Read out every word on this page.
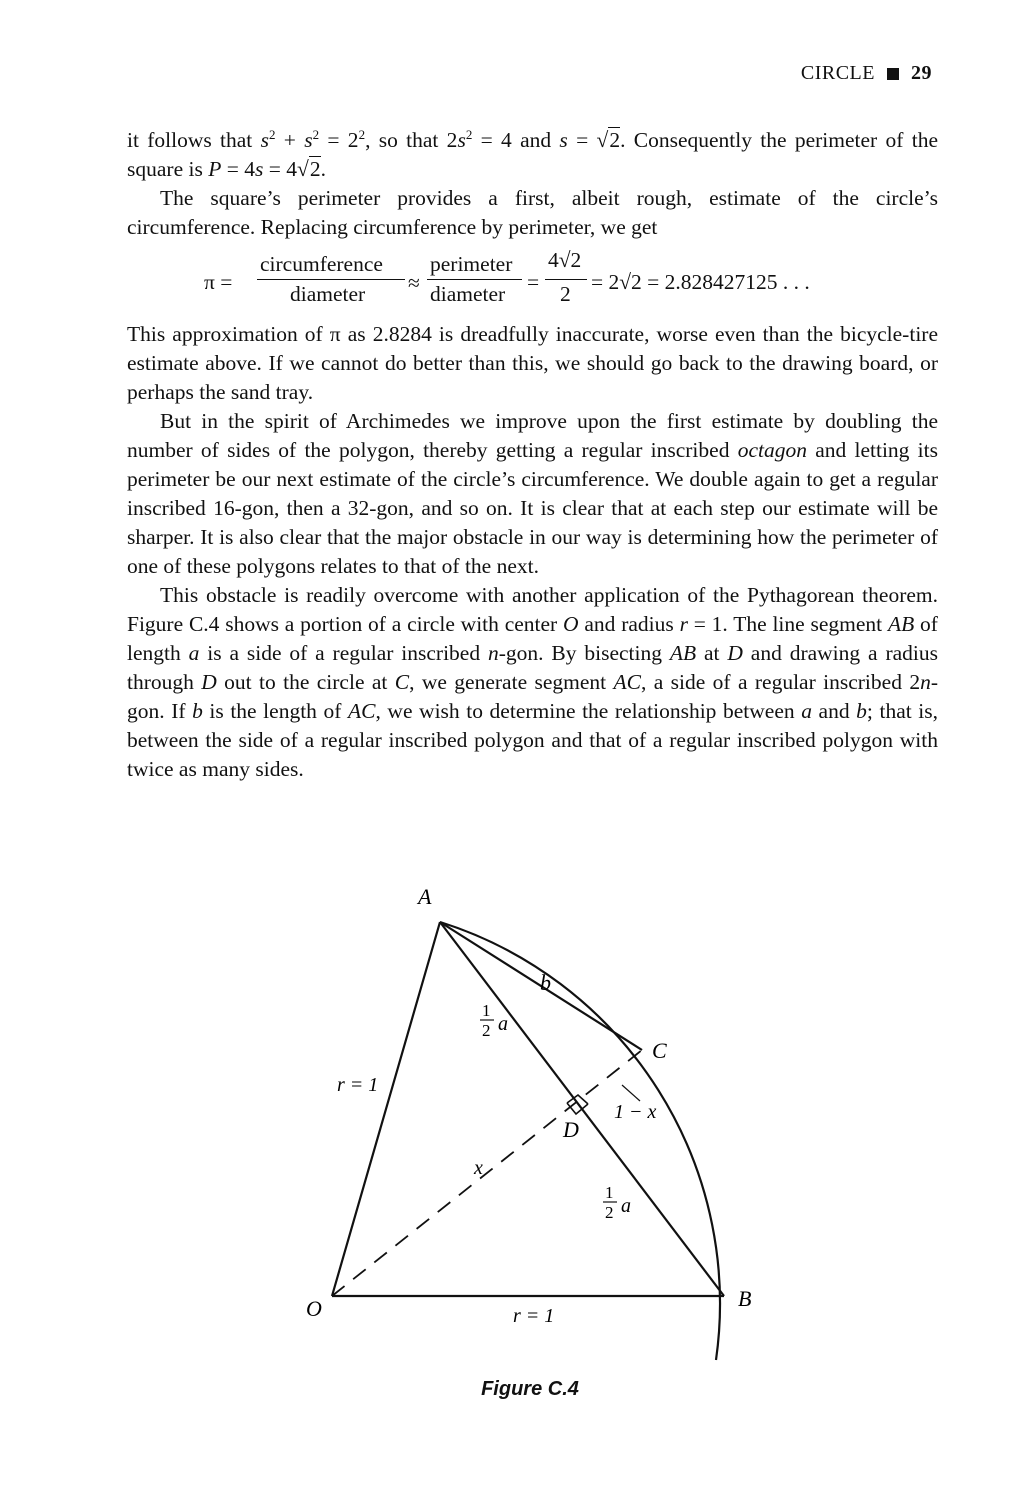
CIRCLE 29

it follows that $s^2 + s^2 = 2^2$, so that $2s^2 = 4$ and s = √2. Consequently the perimeter of the square is P = 4s = 4√2.

The square’s perimeter provides a first, albeit rough, estimate of the circle’s circumference. Replacing circumference by perimeter, we get

π =
circumference
diameter ≈
perimeter
diameter =
4√2
2 = 2√2 = 2.828427125 . . .

This approximation of π as 2.8284 is dreadfully inaccurate, worse even than the bicycle-tire estimate above. If we cannot do better than this, we should go back to the drawing board, or perhaps the sand tray.

But in the spirit of Archimedes we improve upon the first estimate by doubling the number of sides of the polygon, thereby getting a regular inscribed octagon and letting its perimeter be our next estimate of the circle’s circumference. We double again to get a regular inscribed 16-gon, then a 32-gon, and so on. It is clear that at each step our estimate will be sharper. It is also clear that the major obstacle in our way is determining how the perimeter of one of these polygons relates to that of the next.

This obstacle is readily overcome with another application of the Pythagorean theorem. Figure C.4 shows a portion of a circle with center O and radius r = 1. The line segment AB of length a is a side of a regular inscribed n-gon. By bisecting AB at D and drawing a radius through D out to the circle at C, we generate segment AC, a side of a regular inscribed 2n-gon. If b is the length of AC, we wish to determine the relationship between a and b; that is, between the side of a regular inscribed polygon and that of a regular inscribed polygon with twice as many sides.

A
B
C
D
O
b
1
2 a
1
2 a
r = 1
r = 1
x
1 − x
Figure C.4
